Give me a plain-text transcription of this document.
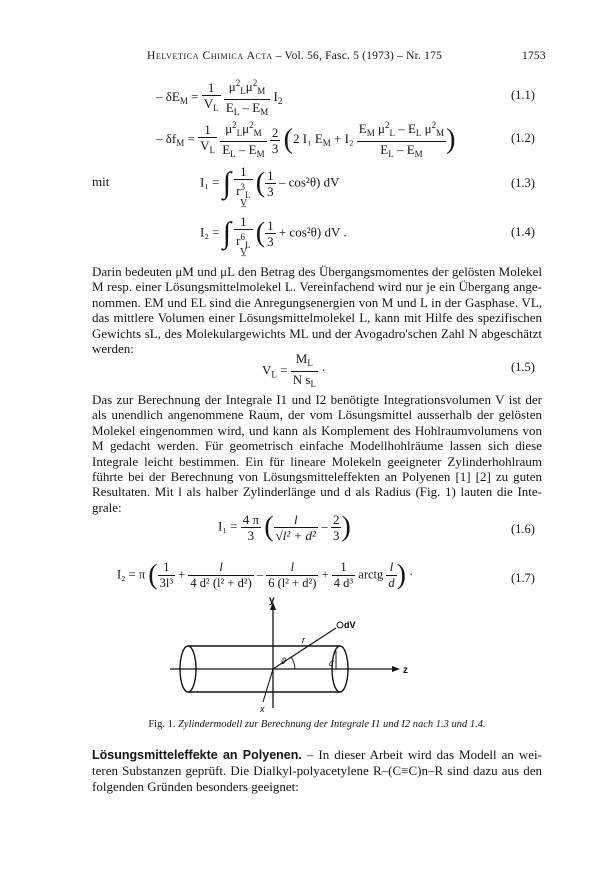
Helvetica Chimica Acta – Vol. 56, Fasc. 5 (1973) – Nr. 175	1753
– $\delta E_M = \frac{1}{V_L}$
$\frac{\mu^2_L\mu^2_M}{E_L - E_M} I_2$	(1.1)
– $\delta f_M = \frac{1}{V_L}$
$\frac{\mu^2_L\mu^2_M}{E_L - E_M}$
$\frac{2}{3} (2$ I₁ $E_M + I_2 \frac{E_M \mu^2_L - E_L \mu^2_M}{E_L - E_M}$ )	(1.2)
mit	I₁ = ∫ $\frac{1}{r^3_L}$ ( $\frac{1}{3} - \cos^2\theta$) dV
V̲
(1.3)
I₂ = ∫ $\frac{1}{r^6_L}$ ( $\frac{1}{3} + \cos^2\theta$) dV .
V̲
(1.4)
Darin bedeuten μM und μL den Betrag des Übergangsmomentes der gelösten Molekel
M resp. einer Lösungsmittelmolekel L. Vereinfachend wird nur je ein Übergang ange-
nommen. EM und EL sind die Anregungsenergien von M und L in der Gasphase. VL,
das mittlere Volumen einer Lösungsmittelmolekel L, kann mit Hilfe des spezifischen
Gewichts sL, des Molekulargewichts ML und der Avogadro'schen Zahl N abgeschätzt
werden:
$V_L = \frac{M_L}{N s_L}$ ·	(1.5)
Das zur Berechnung der Integrale I1 und I2 benötigte Integrationsvolumen V ist der
als unendlich angenommene Raum, der vom Lösungsmittel ausserhalb der gelösten
Molekel eingenommen wird, und kann als Komplement des Hohlraumvolumens von
M gedacht werden. Für geometrisch einfache Modellhohlräume lassen sich diese
Integrale leicht bestimmen. Ein für lineare Molekeln geeigneter Zylinderhohlraum
führte bei der Berechnung von Lösungsmitteleffekten an Polyenen [1] [2] zu guten
Resultaten. Mit l als halber Zylinderlänge und d als Radius (Fig. 1) lauten die Inte-
grale:
$I_1 = \frac{4 \pi}{3}$ ( $\frac{l}{\text{√l² + d²}} - \frac{2}{3}$ )	(1.6)
I₂ = π ( $\frac{1}{\text{3l³}} + \frac{l}{\text{4 d² (l² + d²)}} - \frac{l}{\text{6 (l² + d²)}} + \frac{1}{\text{4 d³}}$ arctg $\frac{l}{d}$ ) ·	(1.7)
y
z
x
r
ϑ
dV
d
Fig. 1. Zylindermodell zur Berechnung der Integrale I1 und I2 nach 1.3 und 1.4.
Lösungsmitteleffekte an Polyenen. – In dieser Arbeit wird das Modell an wei-
teren Substanzen geprüft. Die Dialkyl-polyacetylene R–(C≡C)n–R sind dazu aus den
folgenden Gründen besonders geeignet:
